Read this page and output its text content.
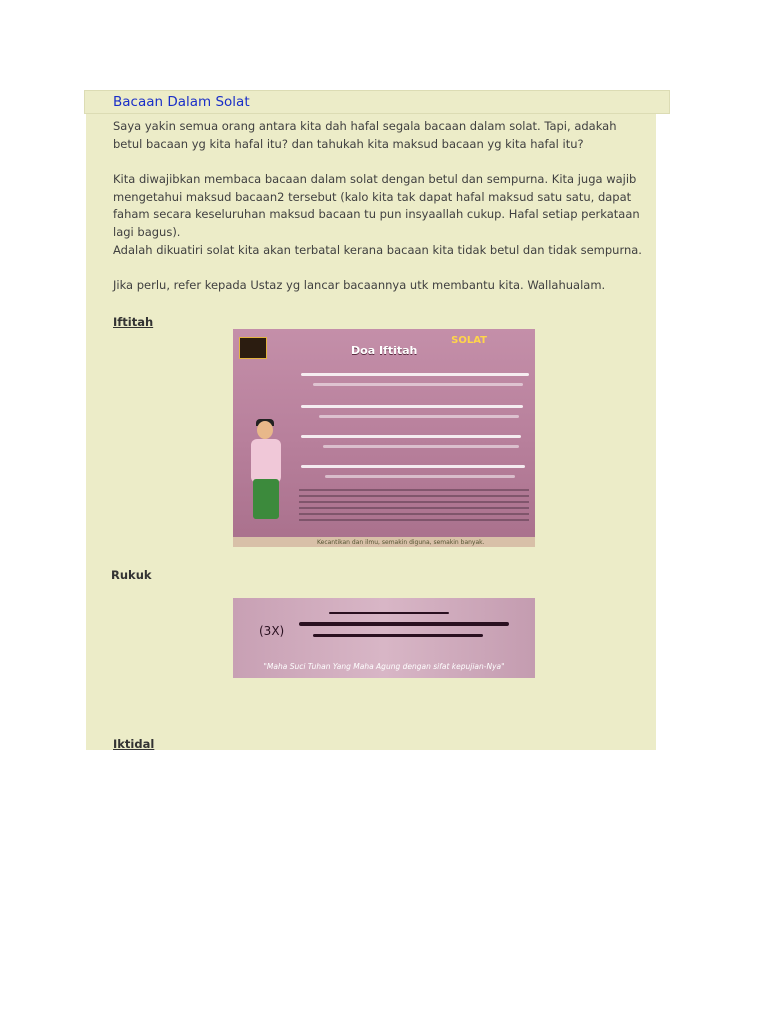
Bacaan Dalam Solat

Saya yakin semua orang antara kita dah hafal segala bacaan dalam solat. Tapi, adakah betul bacaan yg kita hafal itu? dan tahukah kita maksud bacaan yg kita hafal itu?

Kita diwajibkan membaca bacaan dalam solat dengan betul dan sempurna. Kita juga wajib mengetahui maksud bacaan2 tersebut (kalo kita tak dapat hafal maksud satu satu, dapat faham secara keseluruhan maksud bacaan tu pun insyaallah cukup. Hafal setiap perkataan lagi bagus).

Adalah dikuatiri solat kita akan terbatal kerana bacaan kita tidak betul dan tidak sempurna.

Jika perlu, refer kepada Ustaz yg lancar bacaannya utk membantu kita. Wallahualam.

Iftitah
SOLAT
Doa Iftitah
Kecantikan dan ilmu, semakin diguna, semakin banyak.
Rukuk
(3X)
"Maha Suci Tuhan Yang Maha Agung dengan sifat kepujian-Nya"
Iktidal
